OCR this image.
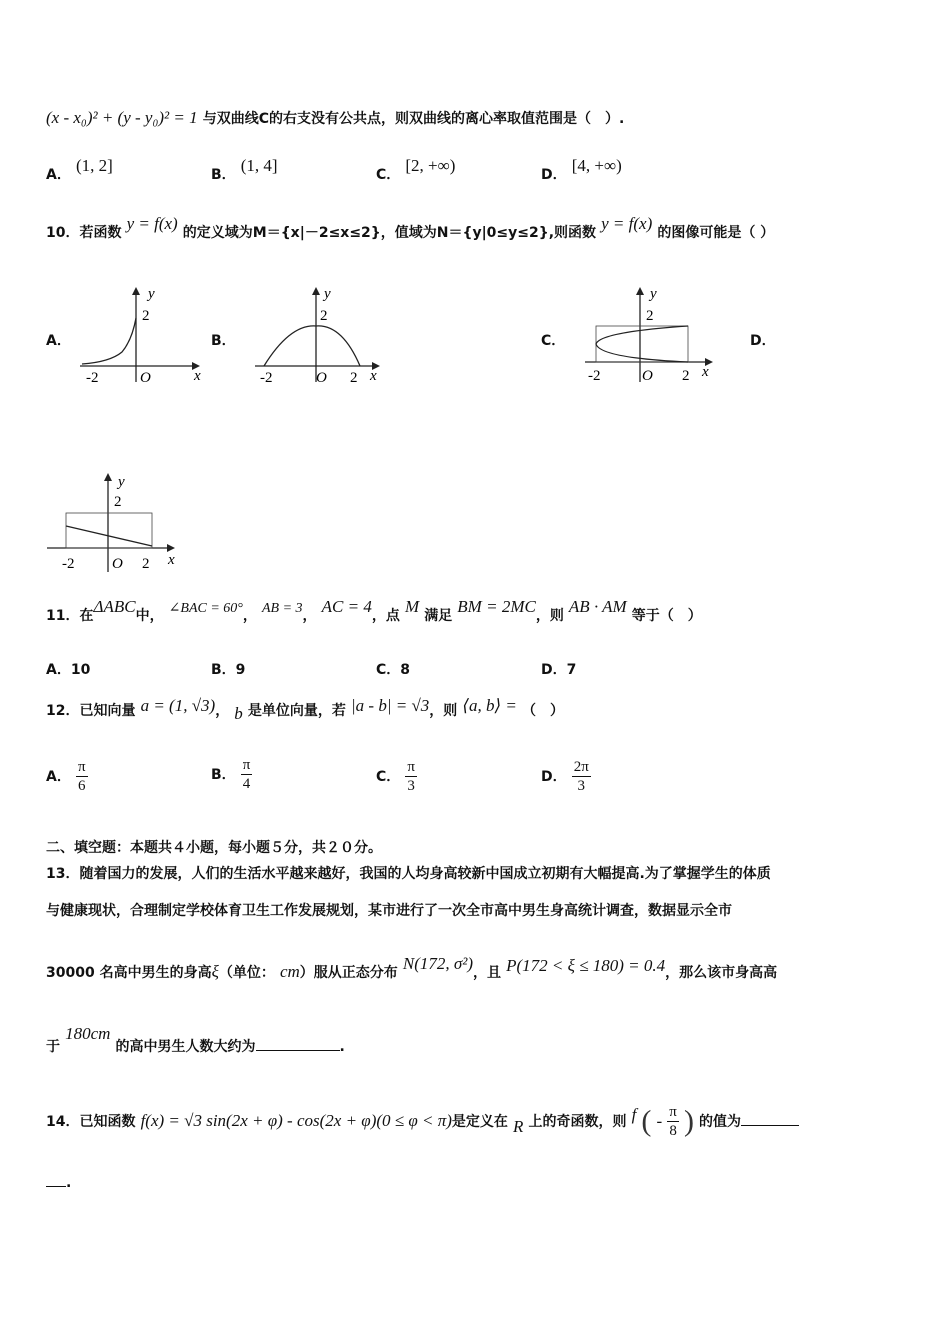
(x - x₀)² + (y - y₀)² = 1 与双曲线C的右支没有公共点，则双曲线的离心率取值范围是（　）.
A． (1, 2]	B． (1, 4]	C． [2, +∞)	D． [4, +∞)
10．若函数 y = f(x) 的定义域为M＝{x|－2≤x≤2}，值域为N＝{y|0≤y≤2},则函数 y = f(x) 的图像可能是（ ）
A．	B．	C．	D．
y
2
-2	O	x
y
2
-2	O 2 x
y
2
-2	O 2 x
y
2
-2	O 2 x
11．在ΔABC中， ∠BAC = 60°， AB = 3， AC = 4，点 M 满足 BM = 2MC，则 AB · AM 等于（　）
A．10	B．9	C．8	D．7
12．已知向量 a = (1, √3)， b 是单位向量，若 |a - b| = √3，则 ⟨a, b⟩ = （　）
A． $\frac{\pi}{6}$	B． $\frac{\pi}{4}$	C． $\frac{\pi}{3}$	D． $\frac{2\pi}{3}$
二、填空题：本题共４小题，每小题５分，共２０分。
13．随着国力的发展，人们的生活水平越来越好，我国的人均身高较新中国成立初期有大幅提高.为了掌握学生的体质
与健康现状，合理制定学校体育卫生工作发展规划，某市进行了一次全市高中男生身高统计调查，数据显示全市
30000 名高中男生的身高ξ（单位： cm）服从正态分布 N(172, σ²)，且 P(172 < ξ ≤ 180) = 0.4，那么该市身高高
于 180cm 的高中男生人数大约为	.
14．已知函数 f(x) = √3 sin(2x + φ) - cos(2x + φ)(0 ≤ φ < π)是定义在 R 上的奇函数，则 f ( - $\frac{\pi}{8}$ ) 的值为
.
